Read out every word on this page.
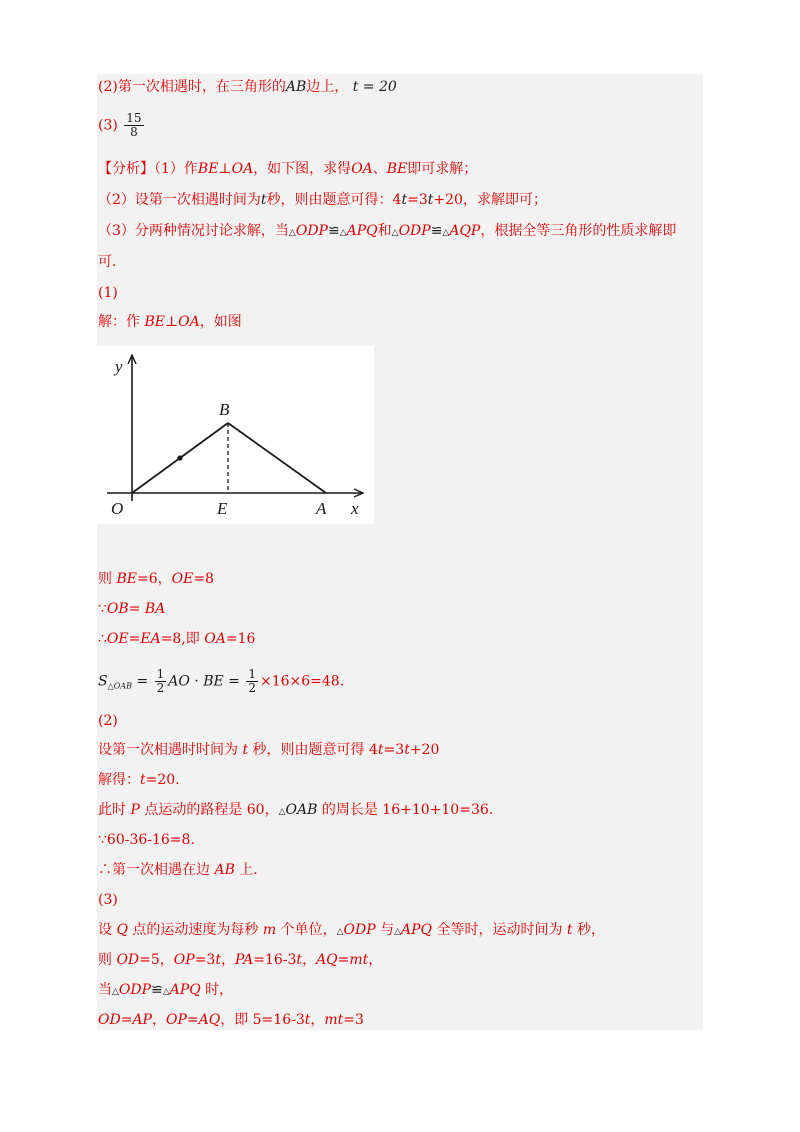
(2)第一次相遇时，在三角形的AB边上， t = 20
$(3) \frac{15}{8}$
【分析】（1）作BE⊥OA，如下图，求得OA、BE即可求解；
（2）设第一次相遇时间为t秒，则由题意可得：4t=3t+20，求解即可；
（3）分两种情况讨论求解，当△ODP≌△APQ和△ODP≌△AQP，根据全等三角形的性质求解即
可．
(1)
解：作 BE⊥OA，如图
y
B
O	E	A x
则 BE=6，OE=8
∵OB= BA
∴OE=EA=8,即 OA=16
$S_{\triangle OAB} = \frac{1}{2}$ AO · BE = $\frac{1}{2} \times 16\times 6=48$.
(2)
设第一次相遇时时间为 t 秒，则由题意可得 4t=3t+20
解得：t=20.
此时 P 点运动的路程是 60，△OAB 的周长是 16+10+10=36.
∵60-36-16=8.
∴第一次相遇在边 AB 上.
(3)
设 Q 点的运动速度为每秒 m 个单位，△ODP 与△APQ 全等时，运动时间为 t 秒，
则 OD=5，OP=3t，PA=16-3t，AQ=mt，
当△ODP≌△APQ 时，
OD=AP，OP=AQ，即 5=16-3t，mt=3
